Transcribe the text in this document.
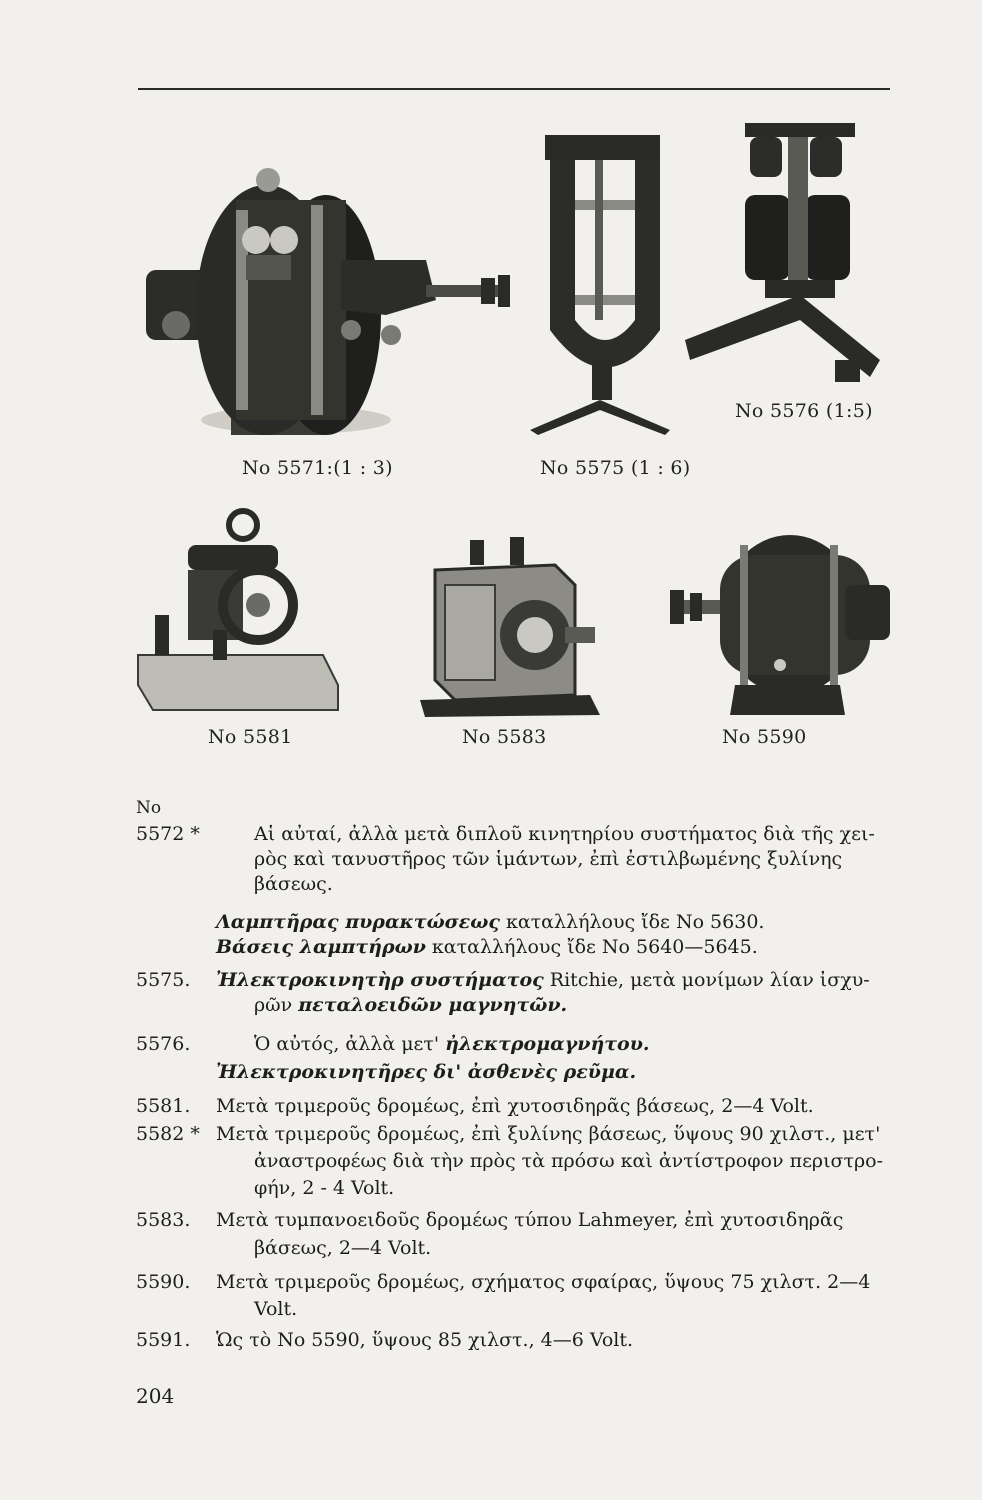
No 5571:(1 : 3)	No 5575 (1 : 6)
No 5576 (1:5)
No 5581	No 5583	No 5590
No
5572 *	Αἱ αὐταί, ἀλλὰ μετὰ διπλοῦ κινητηρίου συστήματος διὰ τῆς χει-
ρὸς καὶ τανυστῆρος τῶν ἱμάντων, ἐπὶ ἐστιλβωμένης ξυλίνης
βάσεως.
Λαμπτῆρας πυρακτώσεως καταλλήλους ἴδε No 5630.
Βάσεις λαμπτήρων καταλλήλους ἴδε No 5640—5645.
5575. Ἠλεκτροκινητὴρ συστήματος Ritchie, μετὰ μονίμων λίαν ἰσχυ-
ρῶν πεταλοειδῶν μαγνητῶν.
5576.	Ὁ αὐτός, ἀλλὰ μετ' ἠλεκτρομαγνήτου.
Ἠλεκτροκινητῆρες δι' ἀσθενὲς ρεῦμα.
5581. Μετὰ τριμεροῦς δρομέως, ἐπὶ χυτοσιδηρᾶς βάσεως, 2—4 Volt.
5582 * Μετὰ τριμεροῦς δρομέως, ἐπὶ ξυλίνης βάσεως, ὕψους 90 χιλστ., μετ'
ἀναστροφέως διὰ τὴν πρὸς τὰ πρόσω καὶ ἀντίστροφον περιστρο-
φήν, 2 - 4 Volt.
5583. Μετὰ τυμπανοειδοῦς δρομέως τύπου Lahmeyer, ἐπὶ χυτοσιδηρᾶς
βάσεως, 2—4 Volt.
5590. Μετὰ τριμεροῦς δρομέως, σχήματος σφαίρας, ὕψους 75 χιλστ. 2—4
Volt.
5591. Ὡς τὸ No 5590, ὕψους 85 χιλστ., 4—6 Volt.
204
